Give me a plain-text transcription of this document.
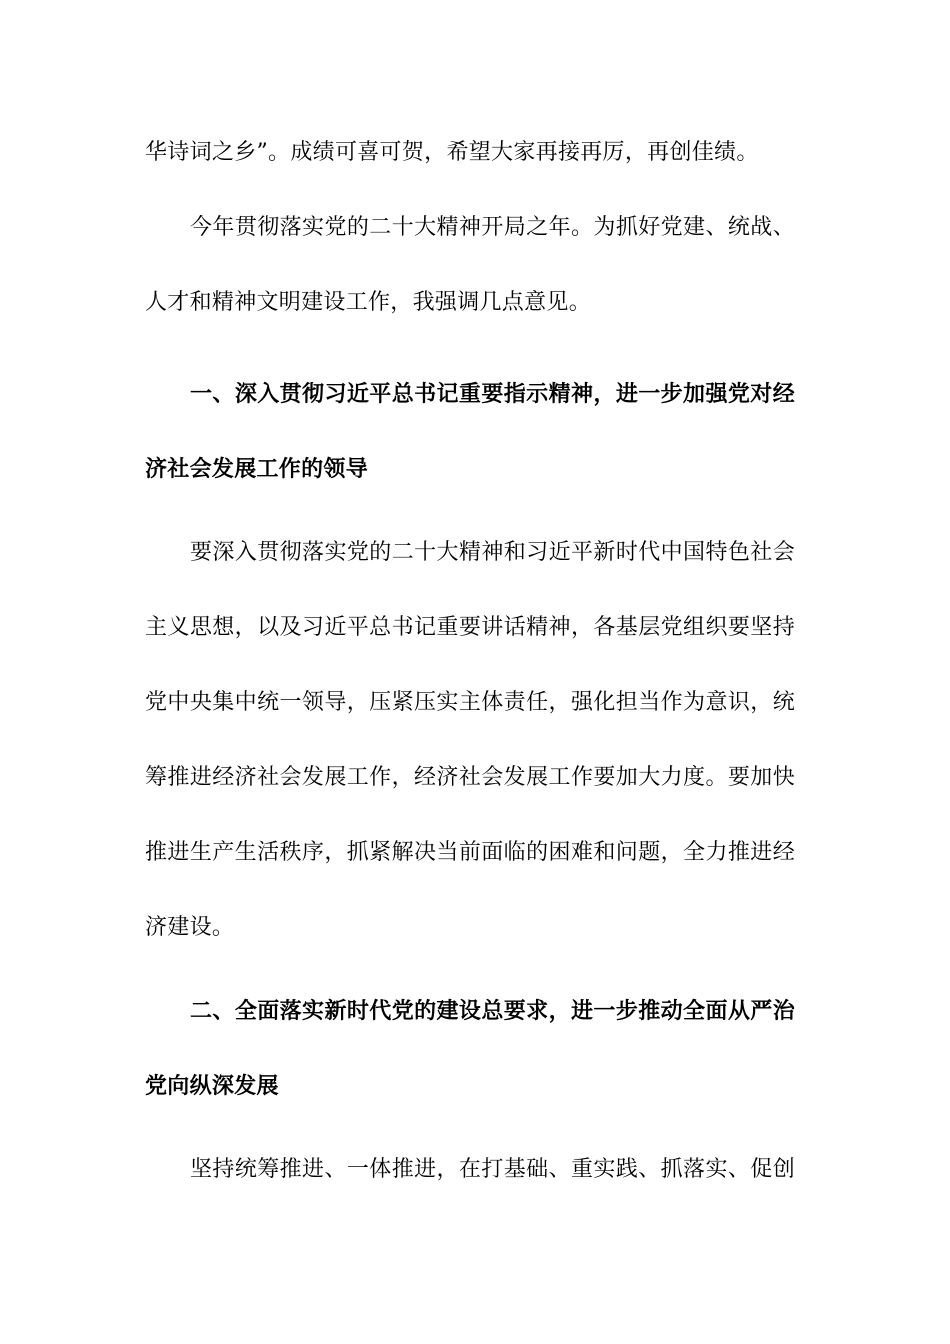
华诗词之乡”。成绩可喜可贺，希望大家再接再厉，再创佳绩。
今年贯彻落实党的二十大精神开局之年。为抓好党建、统战、
人才和精神文明建设工作，我强调几点意见。
一、深入贯彻习近平总书记重要指示精神，进一步加强党对经
济社会发展工作的领导
要深入贯彻落实党的二十大精神和习近平新时代中国特色社会
主义思想，以及习近平总书记重要讲话精神，各基层党组织要坚持
党中央集中统一领导，压紧压实主体责任，强化担当作为意识，统
筹推进经济社会发展工作，经济社会发展工作要加大力度。要加快
推进生产生活秩序，抓紧解决当前面临的困难和问题，全力推进经
济建设。
二、全面落实新时代党的建设总要求，进一步推动全面从严治
党向纵深发展
坚持统筹推进、一体推进，在打基础、重实践、抓落实、促创
